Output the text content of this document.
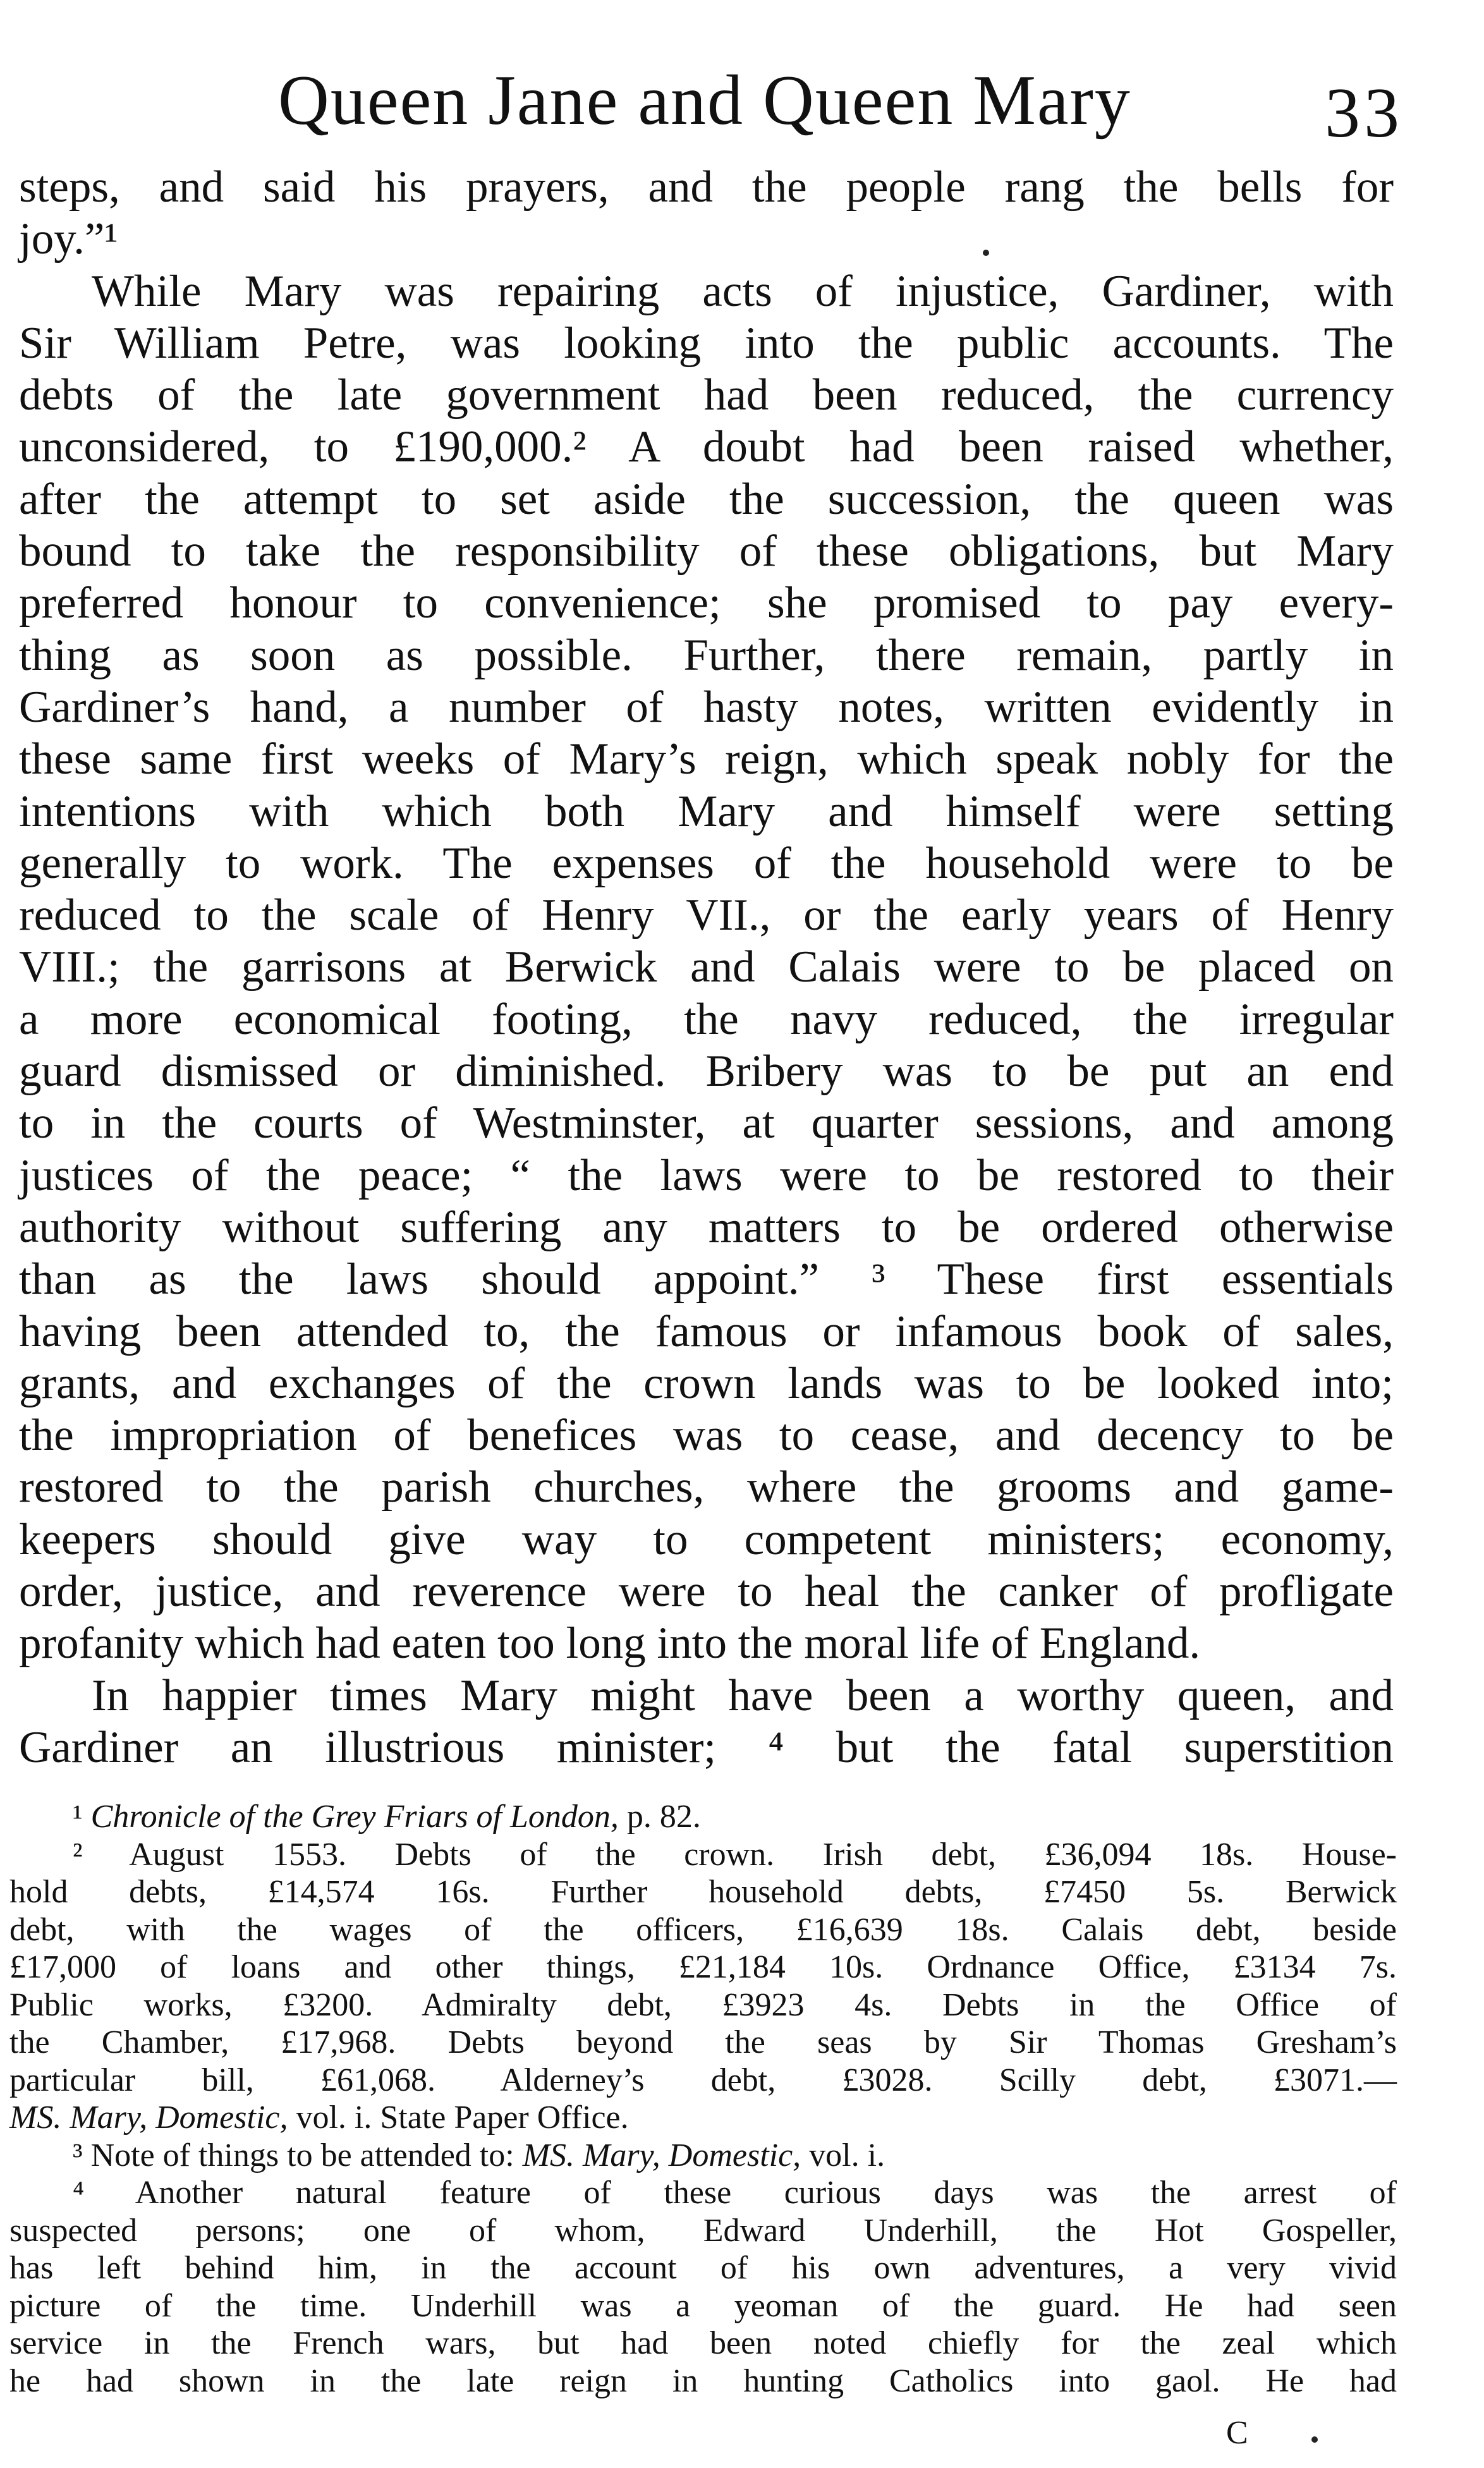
Queen Jane and Queen Mary	33
steps, and said his prayers, and the people rang the bells for
joy.”¹
While Mary was repairing acts of injustice, Gardiner, with
Sir William Petre, was looking into the public accounts. The
debts of the late government had been reduced, the currency
unconsidered, to £190,000.² A doubt had been raised whether,
after the attempt to set aside the succession, the queen was
bound to take the responsibility of these obligations, but Mary
preferred honour to convenience; she promised to pay every-
thing as soon as possible. Further, there remain, partly in
Gardiner’s hand, a number of hasty notes, written evidently in
these same first weeks of Mary’s reign, which speak nobly for the
intentions with which both Mary and himself were setting
generally to work. The expenses of the household were to be
reduced to the scale of Henry VII., or the early years of Henry
VIII.; the garrisons at Berwick and Calais were to be placed on
a more economical footing, the navy reduced, the irregular
guard dismissed or diminished. Bribery was to be put an end
to in the courts of Westminster, at quarter sessions, and among
justices of the peace; “ the laws were to be restored to their
authority without suffering any matters to be ordered otherwise
than as the laws should appoint.” ³ These first essentials
having been attended to, the famous or infamous book of sales,
grants, and exchanges of the crown lands was to be looked into;
the impropriation of benefices was to cease, and decency to be
restored to the parish churches, where the grooms and game-
keepers should give way to competent ministers; economy,
order, justice, and reverence were to heal the canker of profligate
profanity which had eaten too long into the moral life of England.
In happier times Mary might have been a worthy queen, and
Gardiner an illustrious minister; ⁴ but the fatal superstition
¹ Chronicle of the Grey Friars of London, p. 82.
² August 1553. Debts of the crown. Irish debt, £36,094 18s. House-
hold debts, £14,574 16s. Further household debts, £7450 5s. Berwick
debt, with the wages of the officers, £16,639 18s. Calais debt, beside
£17,000 of loans and other things, £21,184 10s. Ordnance Office, £3134 7s.
Public works, £3200. Admiralty debt, £3923 4s. Debts in the Office of
the Chamber, £17,968. Debts beyond the seas by Sir Thomas Gresham’s
particular bill, £61,068. Alderney’s debt, £3028. Scilly debt, £3071.—
MS. Mary, Domestic, vol. i. State Paper Office.
³ Note of things to be attended to: MS. Mary, Domestic, vol. i.
⁴ Another natural feature of these curious days was the arrest of
suspected persons; one of whom, Edward Underhill, the Hot Gospeller,
has left behind him, in the account of his own adventures, a very vivid
picture of the time. Underhill was a yeoman of the guard. He had seen
service in the French wars, but had been noted chiefly for the zeal which
he had shown in the late reign in hunting Catholics into gaol. He had
C
